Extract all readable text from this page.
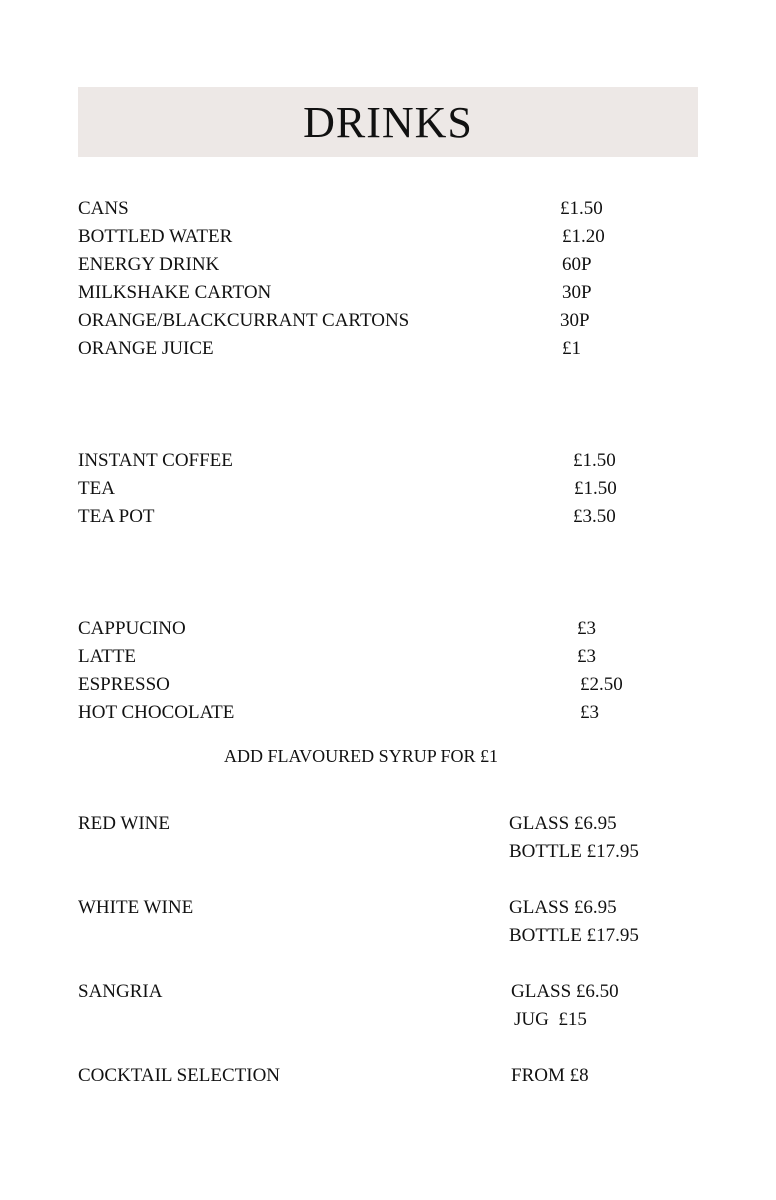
DRINKS
CANS	£1.50
BOTTLED WATER	£1.20
ENERGY DRINK	60P
MILKSHAKE CARTON	30P
ORANGE/BLACKCURRANT CARTONS	30P
ORANGE JUICE	£1
INSTANT COFFEE	£1.50
TEA	£1.50
TEA POT	£3.50
CAPPUCINO	£3
LATTE	£3
ESPRESSO	£2.50
HOT CHOCOLATE	£3
ADD FLAVOURED SYRUP FOR £1
RED WINE	GLASS £6.95
BOTTLE £17.95
WHITE WINE	GLASS £6.95
BOTTLE £17.95
SANGRIA	GLASS £6.50
JUG  £15
COCKTAIL SELECTION	FROM £8
